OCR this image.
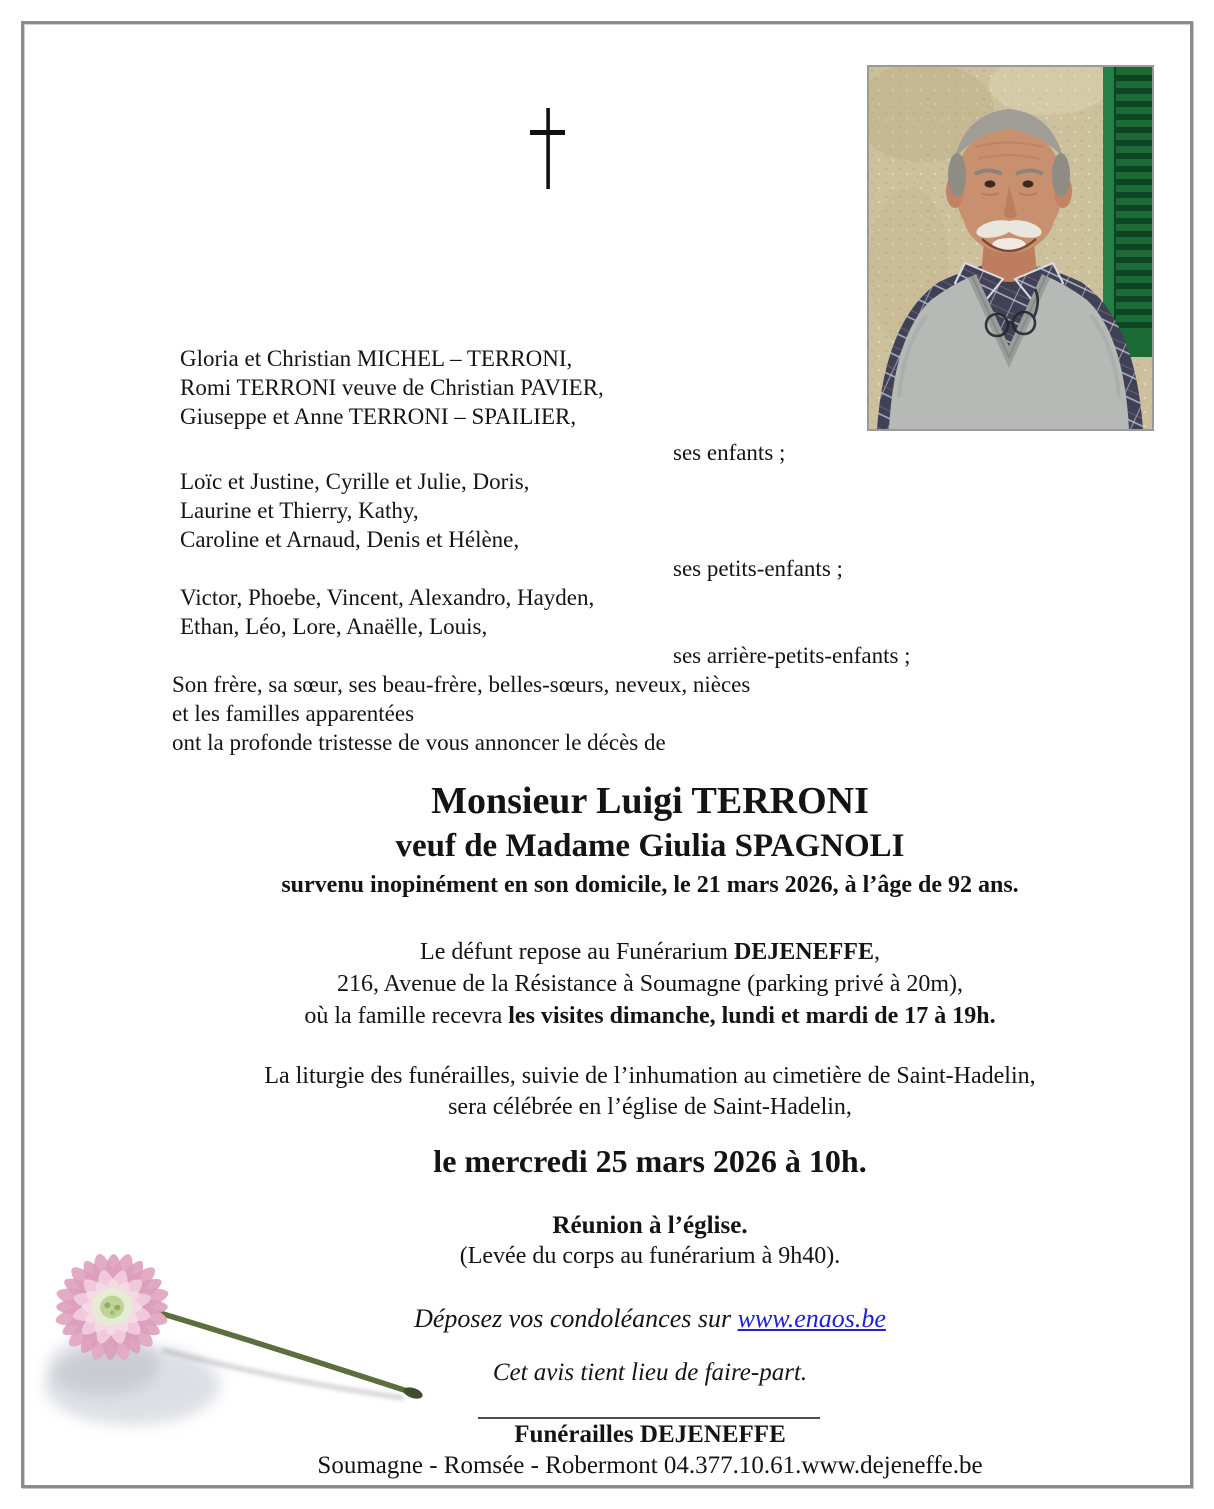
Gloria et Christian MICHEL – TERRONI,
Romi TERRONI veuve de Christian PAVIER,
Giuseppe et Anne TERRONI – SPAILIER,
ses enfants ;
Loïc et Justine, Cyrille et Julie, Doris,
Laurine et Thierry, Kathy,
Caroline et Arnaud, Denis et Hélène,
ses petits-enfants ;
Victor, Phoebe, Vincent, Alexandro, Hayden,
Ethan, Léo, Lore, Anaëlle, Louis,
ses arrière-petits-enfants ;
Son frère, sa sœur, ses beau-frère, belles-sœurs, neveux, nièces
et les familles apparentées
ont la profonde tristesse de vous annoncer le décès de
Monsieur Luigi TERRONI
veuf de Madame Giulia SPAGNOLI
survenu inopinément en son domicile, le 21 mars 2026, à l’âge de 92 ans.
Le défunt repose au Funérarium DEJENEFFE,
216, Avenue de la Résistance à Soumagne (parking privé à 20m),
où la famille recevra les visites dimanche, lundi et mardi de 17 à 19h.
La liturgie des funérailles, suivie de l’inhumation au cimetière de Saint-Hadelin,
sera célébrée en l’église de Saint-Hadelin,
le mercredi 25 mars 2026 à 10h.
Réunion à l’église.
(Levée du corps au funérarium à 9h40).
Déposez vos condoléances sur www.enaos.be
Cet avis tient lieu de faire-part.
Funérailles DEJENEFFE
Soumagne - Romsée - Robermont 04.377.10.61.www.dejeneffe.be
